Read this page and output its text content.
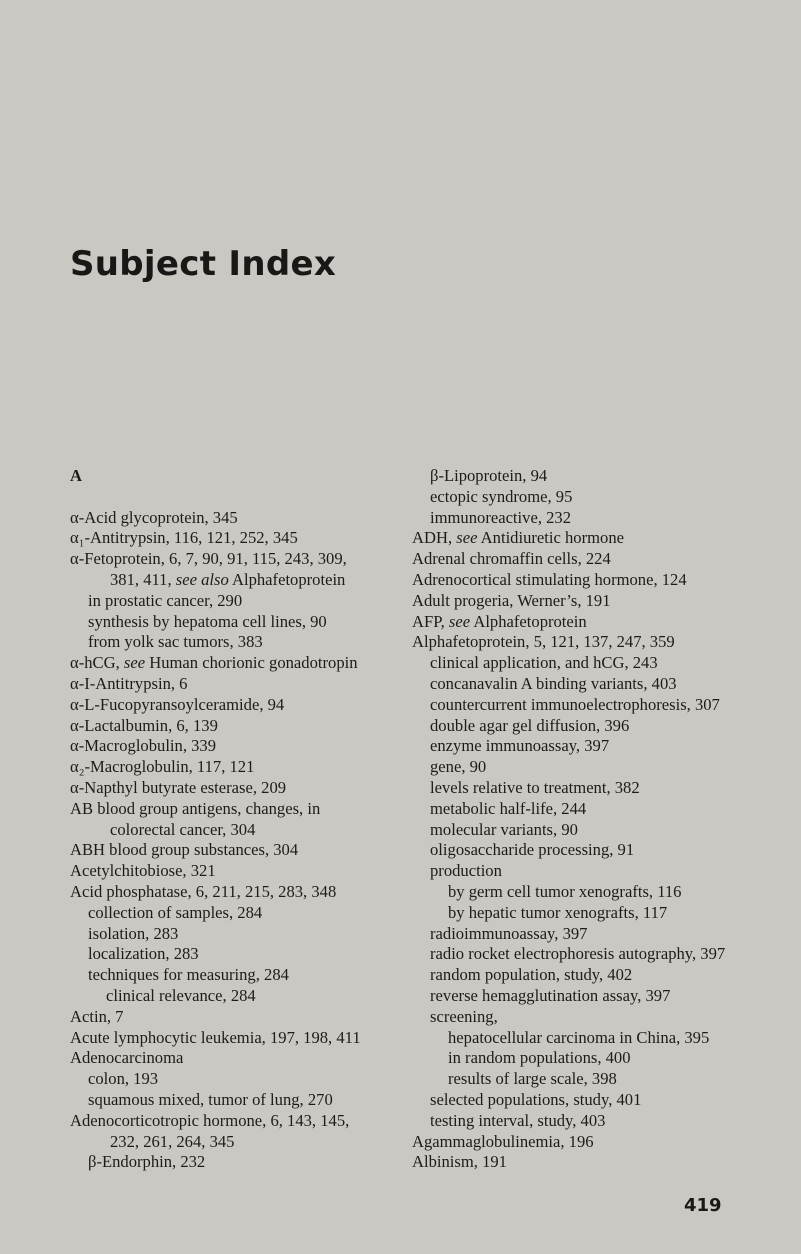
Subject Index
A
α-Acid glycoprotein, 345
α₁-Antitrypsin, 116, 121, 252, 345
α-Fetoprotein, 6, 7, 90, 91, 115, 243, 309,
381, 411, see also Alphafetoprotein
in prostatic cancer, 290
synthesis by hepatoma cell lines, 90
from yolk sac tumors, 383
α-hCG, see Human chorionic gonadotropin
α-I-Antitrypsin, 6
α-L-Fucopyransoylceramide, 94
α-Lactalbumin, 6, 139
α-Macroglobulin, 339
α₂-Macroglobulin, 117, 121
α-Napthyl butyrate esterase, 209
AB blood group antigens, changes, in
colorectal cancer, 304
ABH blood group substances, 304
Acetylchitobiose, 321
Acid phosphatase, 6, 211, 215, 283, 348
collection of samples, 284
isolation, 283
localization, 283
techniques for measuring, 284
clinical relevance, 284
Actin, 7
Acute lymphocytic leukemia, 197, 198, 411
Adenocarcinoma
colon, 193
squamous mixed, tumor of lung, 270
Adenocorticotropic hormone, 6, 143, 145,
232, 261, 264, 345
β-Endorphin, 232
β-Lipoprotein, 94
ectopic syndrome, 95
immunoreactive, 232
ADH, see Antidiuretic hormone
Adrenal chromaffin cells, 224
Adrenocortical stimulating hormone, 124
Adult progeria, Werner’s, 191
AFP, see Alphafetoprotein
Alphafetoprotein, 5, 121, 137, 247, 359
clinical application, and hCG, 243
concanavalin A binding variants, 403
countercurrent immunoelectrophoresis, 307
double agar gel diffusion, 396
enzyme immunoassay, 397
gene, 90
levels relative to treatment, 382
metabolic half-life, 244
molecular variants, 90
oligosaccharide processing, 91
production
by germ cell tumor xenografts, 116
by hepatic tumor xenografts, 117
radioimmunoassay, 397
radio rocket electrophoresis autography, 397
random population, study, 402
reverse hemagglutination assay, 397
screening,
hepatocellular carcinoma in China, 395
in random populations, 400
results of large scale, 398
selected populations, study, 401
testing interval, study, 403
Agammaglobulinemia, 196
Albinism, 191
419
